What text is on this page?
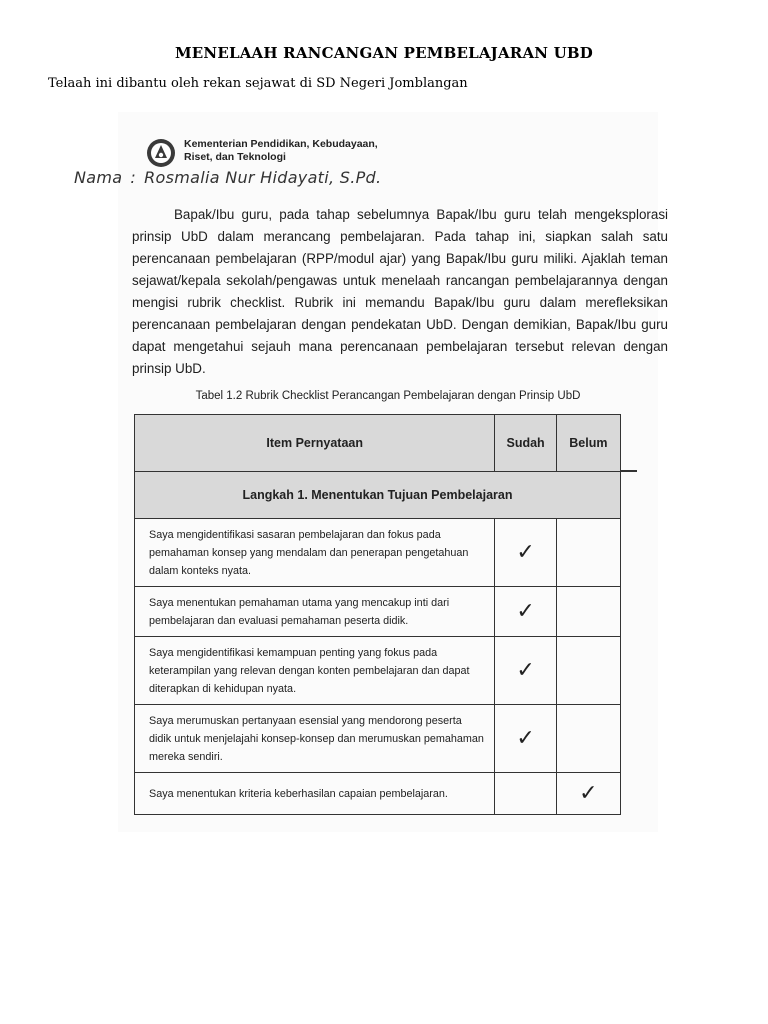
MENELAAH RANCANGAN PEMBELAJARAN UBD
Telaah ini dibantu oleh rekan sejawat di SD Negeri Jomblangan
Kementerian Pendidikan, Kebudayaan,
Riset, dan Teknologi
Nama : Rosmalia Nur Hidayati, S.Pd.
Bapak/Ibu guru, pada tahap sebelumnya Bapak/Ibu guru telah mengeksplorasi prinsip UbD dalam merancang pembelajaran. Pada tahap ini, siapkan salah satu perencanaan pembelajaran (RPP/modul ajar) yang Bapak/Ibu guru miliki. Ajaklah teman sejawat/kepala sekolah/pengawas untuk menelaah rancangan pembelajarannya dengan mengisi rubrik checklist. Rubrik ini memandu Bapak/Ibu guru dalam merefleksikan perencanaan pembelajaran dengan pendekatan UbD. Dengan demikian, Bapak/Ibu guru dapat mengetahui sejauh mana perencanaan pembelajaran tersebut relevan dengan prinsip UbD.
Tabel 1.2 Rubrik Checklist Perancangan Pembelajaran dengan Prinsip UbD
Item Pernyataan	Sudah	Belum
Langkah 1. Menentukan Tujuan Pembelajaran		
Saya mengidentifikasi sasaran pembelajaran dan fokus pada pemahaman konsep yang mendalam dan penerapan pengetahuan dalam konteks nyata.	✓	
Saya menentukan pemahaman utama yang mencakup inti dari pembelajaran dan evaluasi pemahaman peserta didik.	✓	
Saya mengidentifikasi kemampuan penting yang fokus pada keterampilan yang relevan dengan konten pembelajaran dan dapat diterapkan di kehidupan nyata.	✓	
Saya merumuskan pertanyaan esensial yang mendorong peserta didik untuk menjelajahi konsep-konsep dan merumuskan pemahaman mereka sendiri.	✓	
Saya menentukan kriteria keberhasilan capaian pembelajaran.		✓
